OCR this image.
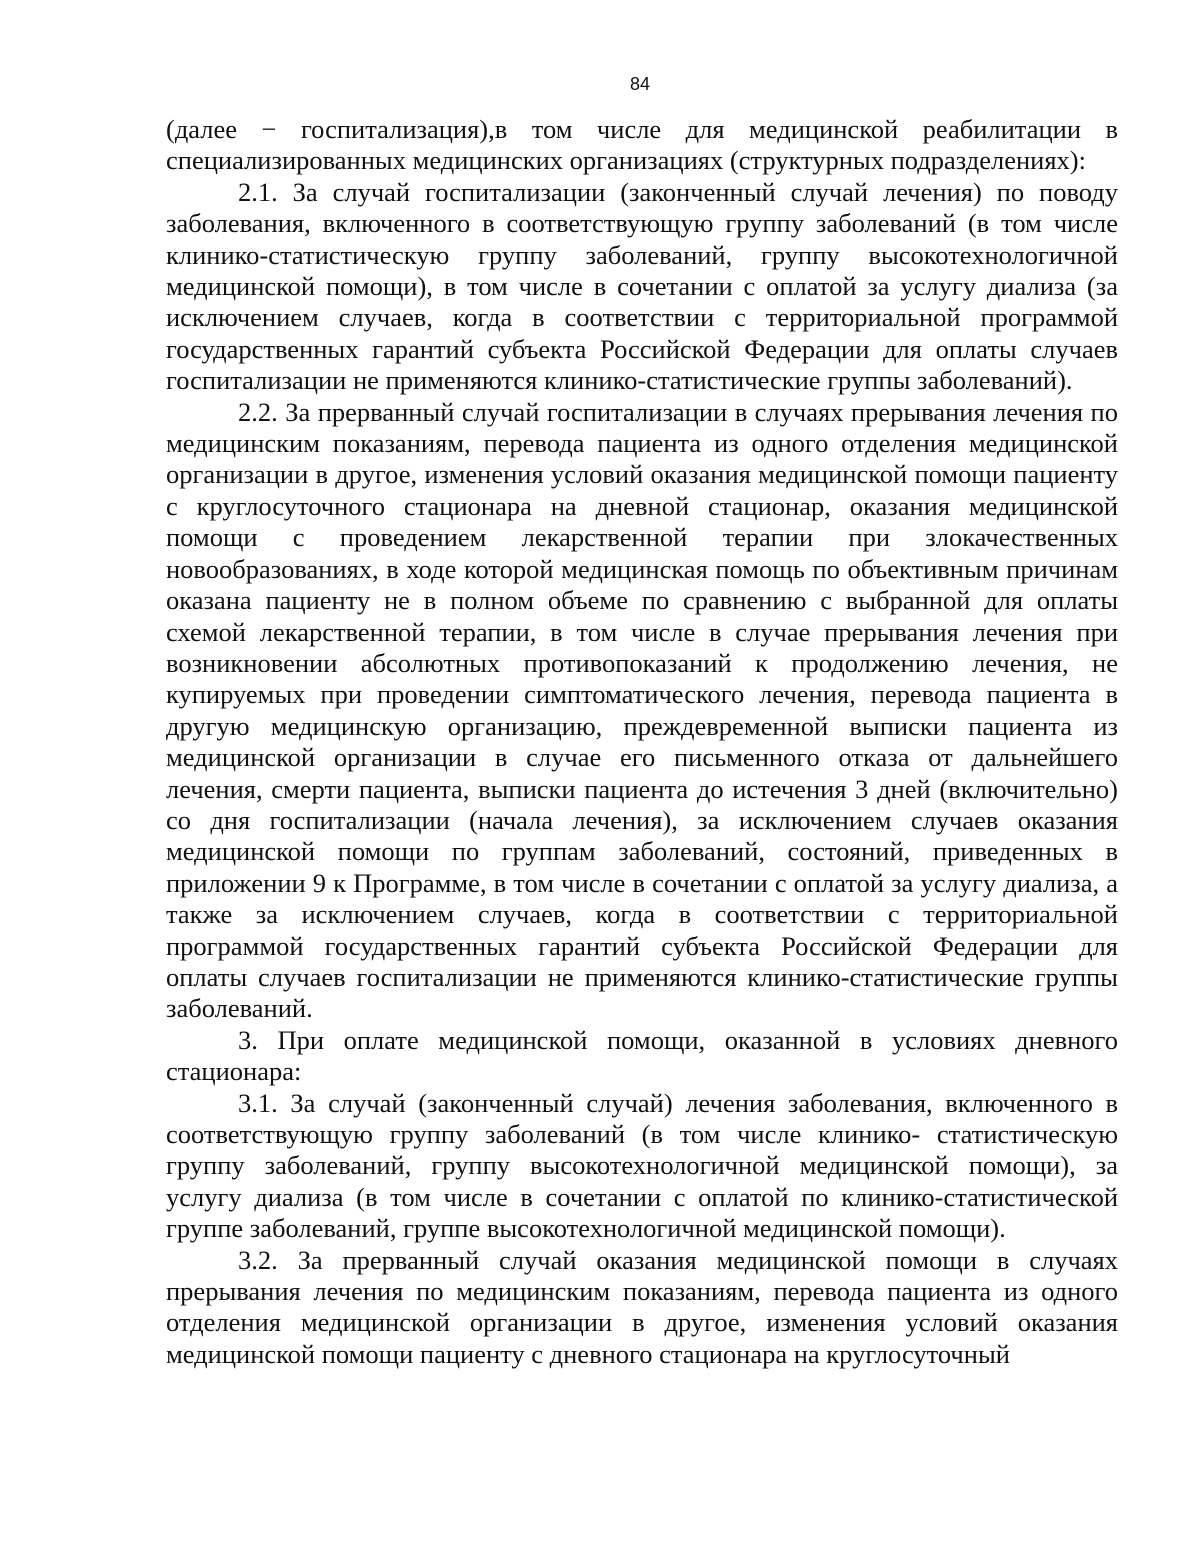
84

(далее − госпитализация),в том числе для медицинской реабилитации в специализированных медицинских организациях (структурных подразделениях):

2.1. За случай госпитализации (законченный случай лечения) по поводу заболевания, включенного в соответствующую группу заболеваний (в том числе клинико-статистическую группу заболеваний, группу высокотехнологичной медицинской помощи), в том числе в сочетании с оплатой за услугу диализа (за исключением случаев, когда в соответствии с территориальной программой государственных гарантий субъекта Российской Федерации для оплаты случаев госпитализации не применяются клинико-статистические группы заболеваний).

2.2. За прерванный случай госпитализации в случаях прерывания лечения по медицинским показаниям, перевода пациента из одного отделения медицинской организации в другое, изменения условий оказания медицинской помощи пациенту с круглосуточного стационара на дневной стационар, оказания медицинской помощи с проведением лекарственной терапии при злокачественных новообразованиях, в ходе которой медицинская помощь по объективным причинам оказана пациенту не в полном объеме по сравнению с выбранной для оплаты схемой лекарственной терапии, в том числе в случае прерывания лечения при возникновении абсолютных противопоказаний к продолжению лечения, не купируемых при проведении симптоматического лечения, перевода пациента в другую медицинскую организацию, преждевременной выписки пациента из медицинской организации в случае его письменного отказа от дальнейшего лечения, смерти пациента, выписки пациента до истечения 3 дней (включительно) со дня госпитализации (начала лечения), за исключением случаев оказания медицинской помощи по группам заболеваний, состояний, приведенных в приложении 9 к Программе, в том числе в сочетании с оплатой за услугу диализа, а также за исключением случаев, когда в соответствии с территориальной программой государственных гарантий субъекта Российской Федерации для оплаты случаев госпитализации не применяются клинико-статистические группы заболеваний.

3. При оплате медицинской помощи, оказанной в условиях дневного стационара:

3.1. За случай (законченный случай) лечения заболевания, включенного в соответствующую группу заболеваний (в том числе клинико- статистическую группу заболеваний, группу высокотехнологичной медицинской помощи), за услугу диализа (в том числе в сочетании с оплатой по клинико-статистической группе заболеваний, группе высокотехнологичной медицинской помощи).

3.2. За прерванный случай оказания медицинской помощи в случаях прерывания лечения по медицинским показаниям, перевода пациента из одного отделения медицинской организации в другое, изменения условий оказания медицинской помощи пациенту с дневного стационара на круглосуточный
